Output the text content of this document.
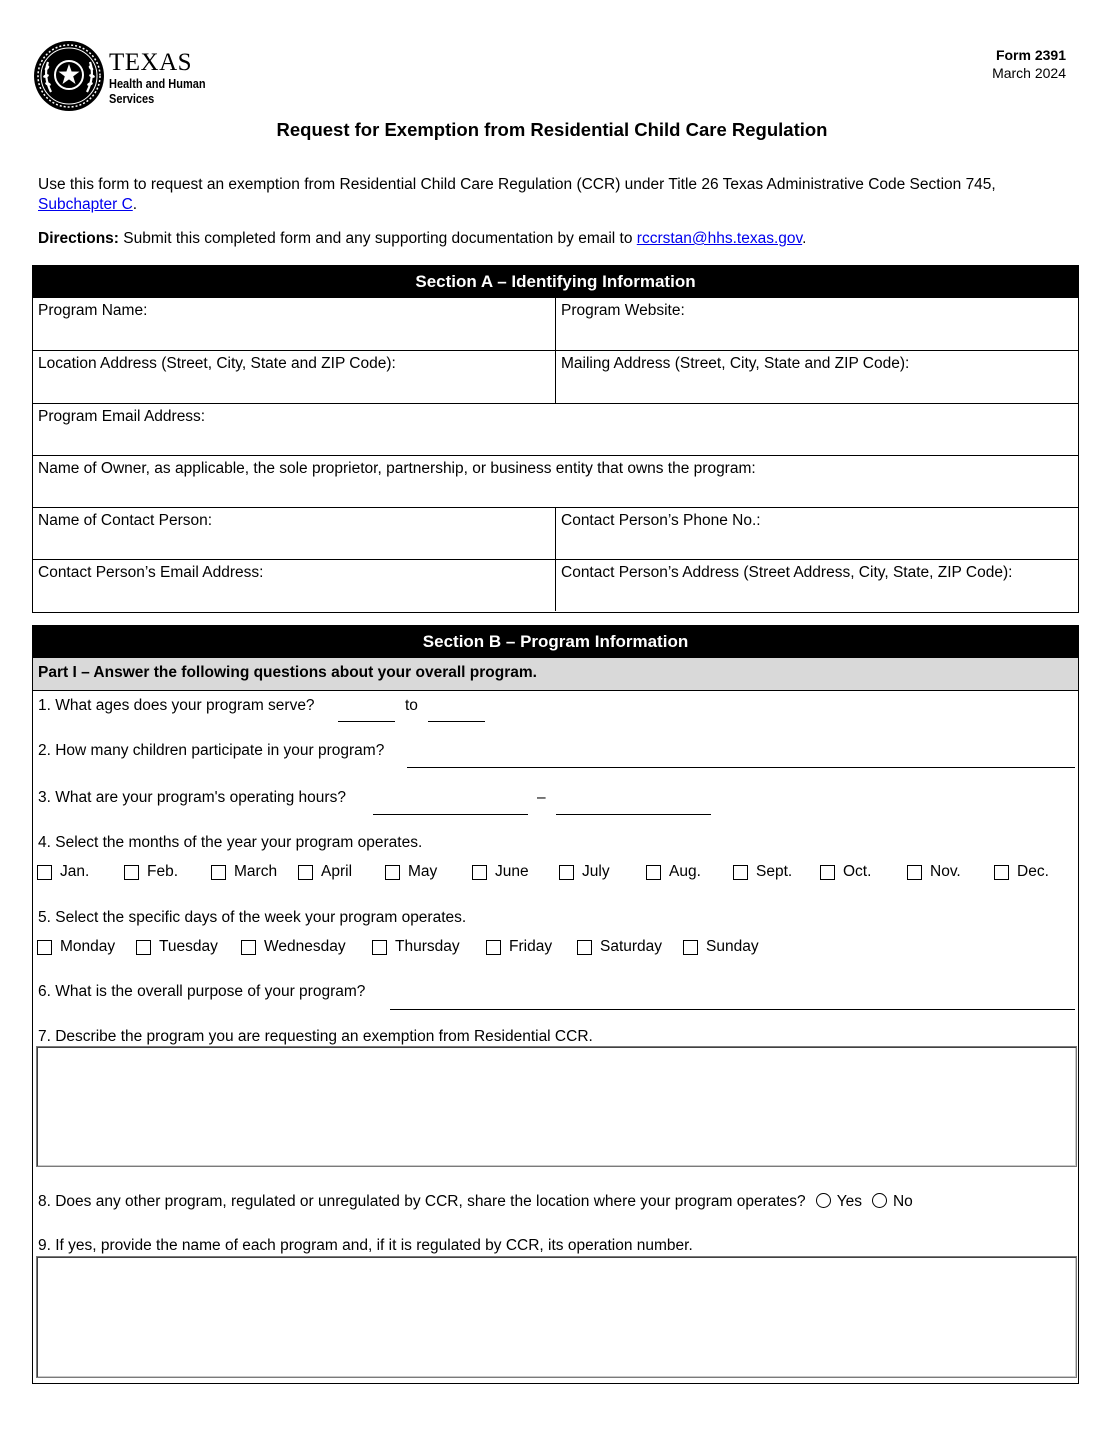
TEXAS
Health and Human
Services
Form 2391
March 2024
Request for Exemption from Residential Child Care Regulation
Use this form to request an exemption from Residential Child Care Regulation (CCR) under Title 26 Texas Administrative Code Section 745, Subchapter C.
Directions: Submit this completed form and any supporting documentation by email to rccrstan@hhs.texas.gov.
Section A – Identifying Information
Program Name:	Program Website:
Location Address (Street, City, State and ZIP Code):	Mailing Address (Street, City, State and ZIP Code):
Program Email Address:
Name of Owner, as applicable, the sole proprietor, partnership, or business entity that owns the program:
Name of Contact Person:	Contact Person’s Phone No.:
Contact Person’s Email Address:	Contact Person’s Address (Street Address, City, State, ZIP Code):
Section B – Program Information
Part I – Answer the following questions about your overall program.
1. What ages does your program serve?	to
2. How many children participate in your program?
3. What are your program's operating hours?	–
4. Select the months of the year your program operates.
Jan.	Feb.	March	April	May	June	July	Aug.	Sept.	Oct.	Nov.	Dec.
5. Select the specific days of the week your program operates.
Monday	Tuesday	Wednesday	Thursday	Friday	Saturday	Sunday
6. What is the overall purpose of your program?
7. Describe the program you are requesting an exemption from Residential CCR.
8. Does any other program, regulated or unregulated by CCR, share the location where your program operates? Yes No
9. If yes, provide the name of each program and, if it is regulated by CCR, its operation number.
